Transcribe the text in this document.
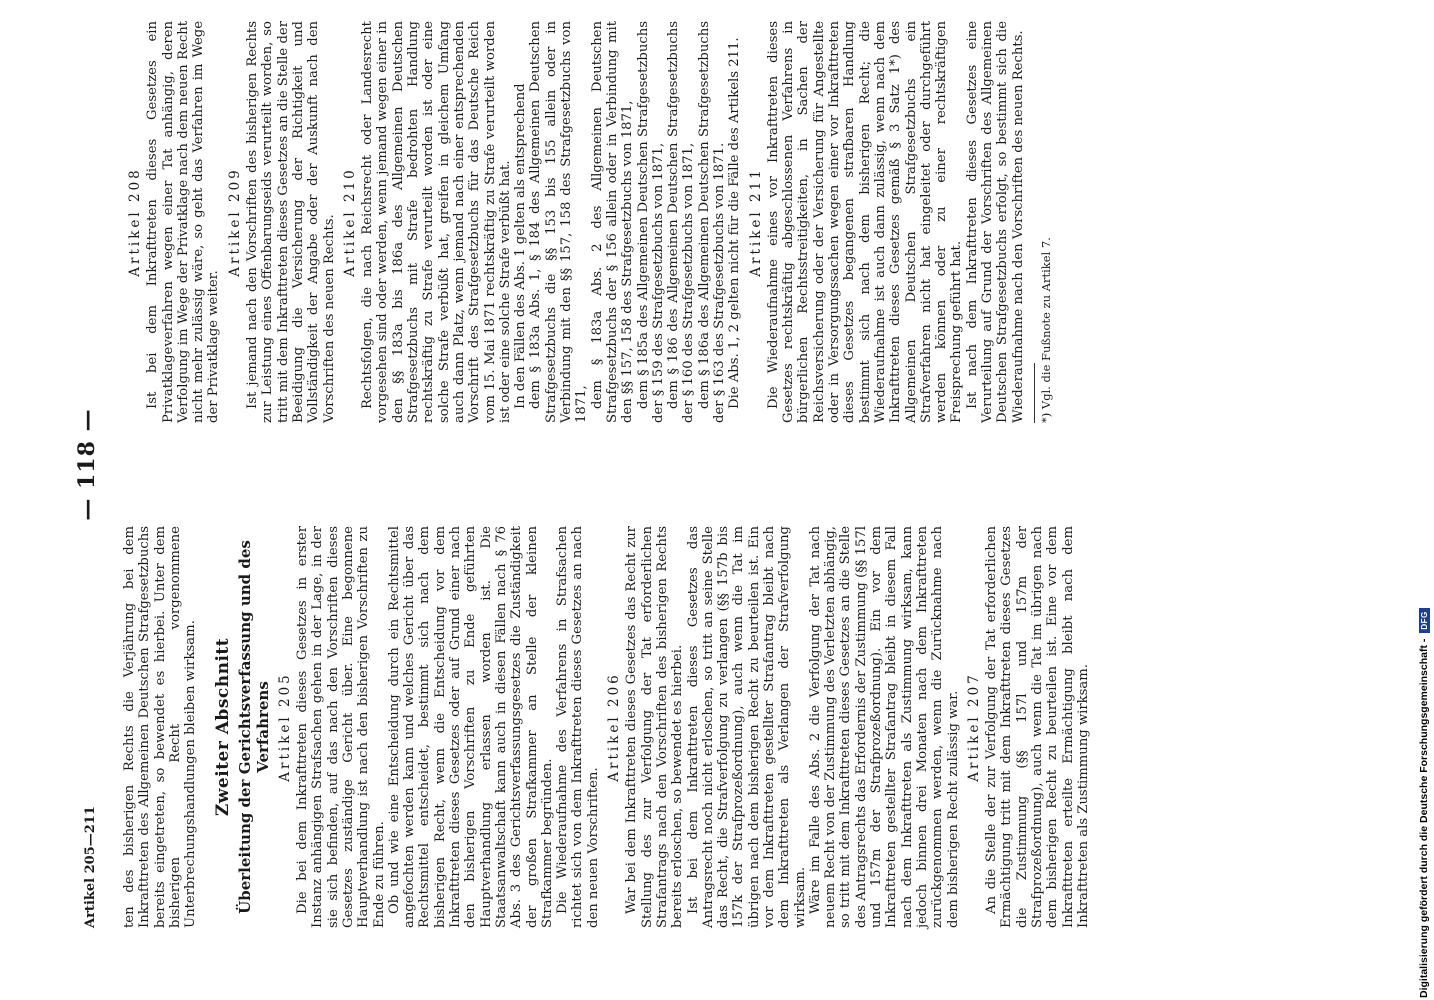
Artikel 205—211
— 118 —

ten des bisherigen Rechts die Verjährung bei dem Inkrafttreten des Allgemeinen Deutschen Strafgesetzbuchs bereits eingetreten, so bewendet es hierbei. Unter dem bisherigen Recht vorgenommene Unterbrechungshandlungen bleiben wirksam. Zweiter Abschnitt Überleitung der Gerichtsverfassung und des Verfahrens Artikel 205 Die bei dem Inkrafttreten dieses Gesetzes in erster Instanz anhängigen Strafsachen gehen in der Lage, in der sie sich befinden, auf das nach den Vorschriften dieses Gesetzes zuständige Gericht über. Eine begonnene Hauptverhandlung ist nach den bisherigen Vorschriften zu Ende zu führen. Ob und wie eine Entscheidung durch ein Rechtsmittel angefochten werden kann und welches Gericht über das Rechtsmittel entscheidet, bestimmt sich nach dem bisherigen Recht, wenn die Entscheidung vor dem Inkrafttreten dieses Gesetzes oder auf Grund einer nach den bisherigen Vorschriften zu Ende geführten Hauptverhandlung erlassen worden ist. Die Staatsanwaltschaft kann auch in diesen Fällen nach § 76 Abs. 3 des Gerichtsverfassungsgesetzes die Zuständigkeit der großen Strafkammer an Stelle der kleinen Strafkammer begründen. Die Wiederaufnahme des Verfahrens in Strafsachen richtet sich von dem Inkrafttreten dieses Gesetzes an nach den neuen Vorschriften.

Artikel 206 War bei dem Inkrafttreten dieses Gesetzes das Recht zur Stellung des zur Verfolgung der Tat erforderlichen Strafantrags nach den Vorschriften des bisherigen Rechts bereits erloschen, so bewendet es hierbei. Ist bei dem Inkrafttreten dieses Gesetzes das Antragsrecht noch nicht erloschen, so tritt an seine Stelle das Recht, die Strafverfolgung zu verlangen (§§ 157b bis 157k der Strafprozeßordnung), auch wenn die Tat im übrigen nach dem bisherigen Recht zu beurteilen ist. Ein vor dem Inkrafttreten gestellter Strafantrag bleibt nach dem Inkrafttreten als Verlangen der Strafverfolgung wirksam. Wäre im Falle des Abs. 2 die Verfolgung der Tat nach neuem Recht von der Zustimmung des Verletzten abhängig, so tritt mit dem Inkrafttreten dieses Gesetzes an die Stelle des Antragsrechts das Erfordernis der Zustimmung (§§ 157l und 157m der Strafprozeßordnung). Ein vor dem Inkrafttreten gestellter Strafantrag bleibt in diesem Fall nach dem Inkrafttreten als Zustimmung wirksam, kann jedoch binnen drei Monaten nach dem Inkrafttreten zurückgenommen werden, wenn die Zurücknahme nach dem bisherigen Recht zulässig war. Artikel 207 An die Stelle der zur Verfolgung der Tat erforderlichen Ermächtigung tritt mit dem Inkrafttreten dieses Gesetzes die Zustimmung (§§ 157l und 157m der Strafprozeßordnung), auch wenn die Tat im übrigen nach dem bisherigen Recht zu beurteilen ist. Eine vor dem Inkrafttreten erteilte Ermächtigung bleibt nach dem Inkrafttreten als Zustimmung wirksam.

Artikel 208 Ist bei dem Inkrafttreten dieses Gesetzes ein Privatklageverfahren wegen einer Tat anhängig, deren Verfolgung im Wege der Privatklage nach dem neuen Recht nicht mehr zulässig wäre, so geht das Verfahren im Wege der Privatklage weiter.

Artikel 209 Ist jemand nach den Vorschriften des bisherigen Rechts zur Leistung eines Offenbarungseids verurteilt worden, so tritt mit dem Inkrafttreten dieses Gesetzes an die Stelle der Beeidigung die Versicherung der Richtigkeit und Vollständigkeit der Angabe oder der Auskunft nach den Vorschriften des neuen Rechts. Artikel 210 Rechtsfolgen, die nach Reichsrecht oder Landesrecht vorgesehen sind oder werden, wenn jemand wegen einer in den §§ 183a bis 186a des Allgemeinen Deutschen Strafgesetzbuchs mit Strafe bedrohten Handlung rechtskräftig zu Strafe verurteilt worden ist oder eine solche Strafe verbüßt hat, greifen in gleichem Umfang auch dann Platz, wenn jemand nach einer entsprechenden Vorschrift des Strafgesetzbuchs für das Deutsche Reich vom 15. Mai 1871 rechtskräftig zu Strafe verurteilt worden ist oder eine solche Strafe verbüßt hat. In den Fällen des Abs. 1 gelten als entsprechend dem § 183a Abs. 1, § 184 des Allgemeinen Deutschen Strafgesetzbuchs die §§ 153 bis 155 allein oder in Verbindung mit den §§ 157, 158 des Strafgesetzbuchs von 1871, dem § 183a Abs. 2 des Allgemeinen Deutschen Strafgesetzbuchs der § 156 allein oder in Verbindung mit den §§ 157, 158 des Strafgesetzbuchs von 1871, dem § 185a des Allgemeinen Deutschen Strafgesetzbuchs der § 159 des Strafgesetzbuchs von 1871, dem § 186 des Allgemeinen Deutschen Strafgesetzbuchs der § 160 des Strafgesetzbuchs von 1871, dem § 186a des Allgemeinen Deutschen Strafgesetzbuchs der § 163 des Strafgesetzbuchs von 1871. Die Abs. 1, 2 gelten nicht für die Fälle des Artikels 211. Artikel 211 Die Wiederaufnahme eines vor Inkrafttreten dieses Gesetzes rechtskräftig abgeschlossenen Verfahrens in bürgerlichen Rechtsstreitigkeiten, in Sachen der Reichsversicherung oder der Versicherung für Angestellte oder in Versorgungssachen wegen einer vor Inkrafttreten dieses Gesetzes begangenen strafbaren Handlung bestimmt sich nach dem bisherigen Recht; die Wiederaufnahme ist auch dann zulässig, wenn nach dem Inkrafttreten dieses Gesetzes gemäß § 3 Satz 1*) des Allgemeinen Deutschen Strafgesetzbuchs ein Strafverfahren nicht hat eingeleitet oder durchgeführt werden können oder zu einer rechtskräftigen Freisprechung geführt hat. Ist nach dem Inkrafttreten dieses Gesetzes eine Verurteilung auf Grund der Vorschriften des Allgemeinen Deutschen Strafgesetzbuchs erfolgt, so bestimmt sich die Wiederaufnahme nach den Vorschriften des neuen Rechts. *) Vgl. die Fußnote zu Artikel 7.

Digitalisierung gefördert durch die Deutsche Forschungsgemeinschaft -
DFG
